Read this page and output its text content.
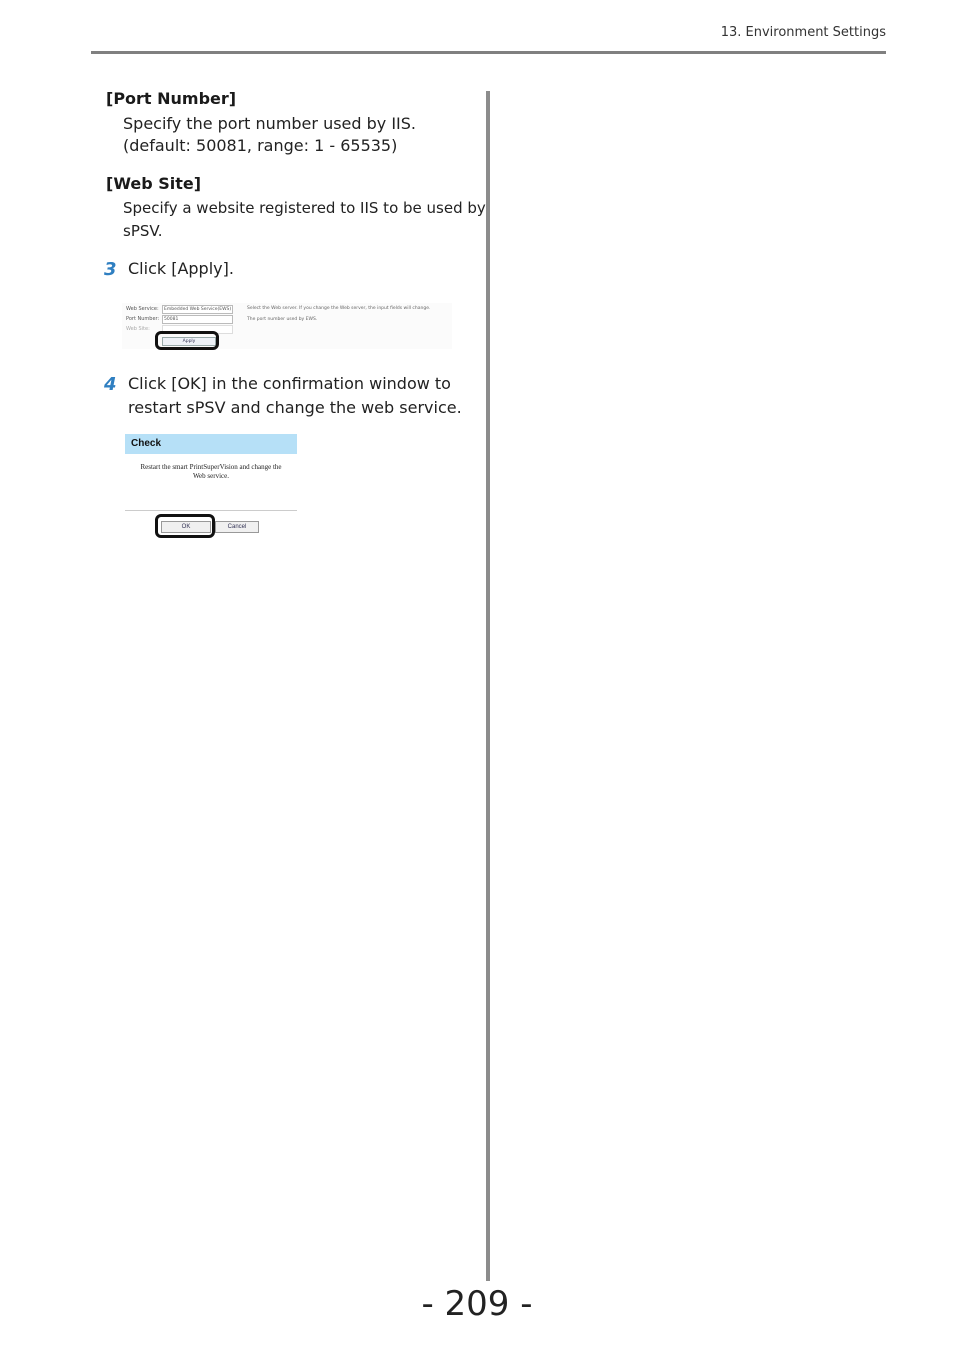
13. Environment Settings
[Port Number]
Specify the port number used by IIS.
(default: 50081, range: 1 - 65535)
[Web Site]
Specify a website registered to IIS to be used by
sPSV.
3 Click [Apply].
Web Service:	Embedded Web Service(EWS)
Port Number:	50081
Web Site:
Select the Web server. If you change the Web server, the input fields will change.
The port number used by EWS.
Apply
4 Click [OK] in the confirmation window to
restart sPSV and change the web service.
Check
Restart the smart PrintSuperVision and change the
Web service.
OK	Cancel
- 209 -
